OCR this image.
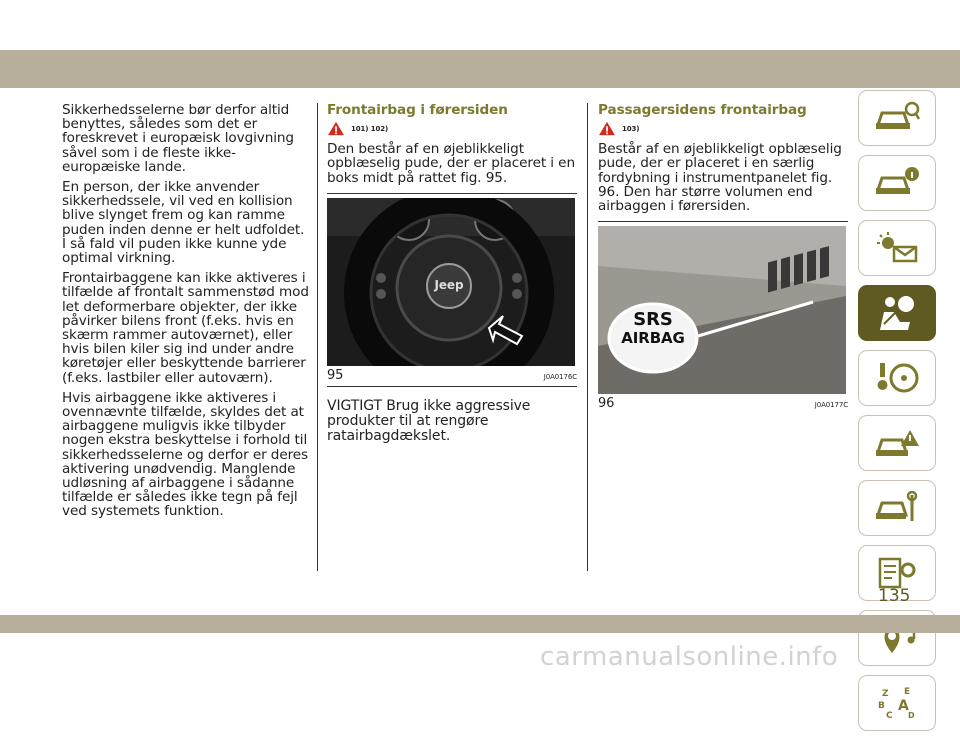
Sikkerhedsselerne bør derfor altid benyttes, således som det er foreskrevet i europæisk lovgivning såvel som i de fleste ikke-europæiske lande.

En person, der ikke anvender sikkerhedssele, vil ved en kollision blive slynget frem og kan ramme puden inden denne er helt udfoldet. I så fald vil puden ikke kunne yde optimal virkning.

Frontairbaggene kan ikke aktiveres i tilfælde af frontalt sammenstød mod let deformerbare objekter, der ikke påvirker bilens front (f.eks. hvis en skærm rammer autoværnet), eller hvis bilen kiler sig ind under andre køretøjer eller beskyttende barrierer (f.eks. lastbiler eller autoværn).

Hvis airbaggene ikke aktiveres i ovennævnte tilfælde, skyldes det at airbaggene muligvis ikke tilbyder nogen ekstra beskyttelse i forhold til sikkerhedsselerne og derfor er deres aktivering unødvendig. Manglende udløsning af airbaggene i sådanne tilfælde er således ikke tegn på fejl ved systemets funktion.

Frontairbag i førersiden
101) 102)

Den består af en øjeblikkeligt opblæselig pude, der er placeret i en boks midt på rattet fig. 95.

Jeep
95	J0A0176C
VIGTIGT Brug ikke aggressive produkter til at rengøre ratairbagdækslet.
Passagersidens frontairbag
103)

Består af en øjeblikkeligt opblæselig pude, der er placeret i en særlig fordybning i instrumentpanelet fig. 96. Den har større volumen end airbaggen i førersiden.

SRS
AIRBAG
96	J0A0177C
Z E
B A
C D
135
carmanualsonline.info
